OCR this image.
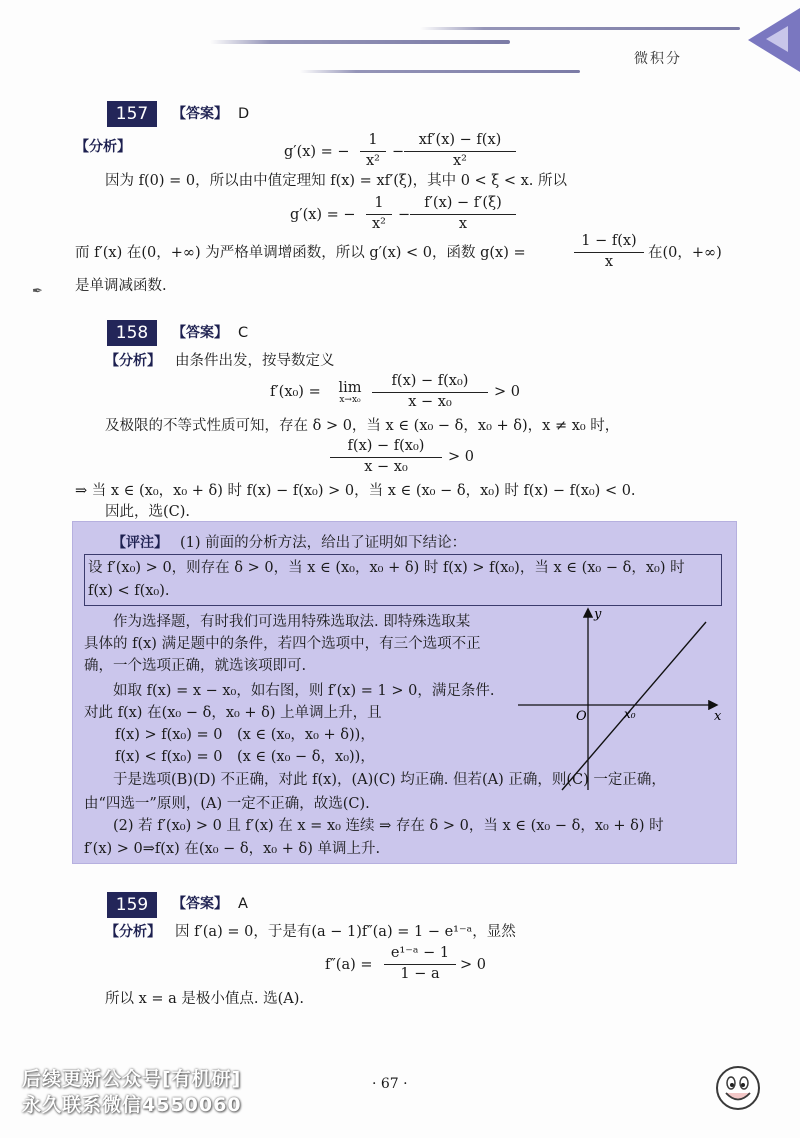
微积分
157	【答案】 D
【分析】	g′(x) = −
1
x²
−
xf′(x) − f(x)
x²
因为 f(0) = 0，所以由中值定理知 f(x) = xf′(ξ)，其中 0 < ξ < x. 所以
g′(x) = −
1
x²
−
f′(x) − f′(ξ)
x
而 f′(x) 在(0，+∞) 为严格单调增函数，所以 g′(x) < 0，函数 g(x) =
1 − f(x)
x
在(0，+∞)
✒ 是单调减函数.
158	【答案】 C
【分析】 由条件出发，按导数定义
f′(x₀) =	lim
x→x₀
f(x) − f(x₀)
x − x₀
> 0
及极限的不等式性质可知，存在 δ > 0，当 x ∈ (x₀ − δ，x₀ + δ)，x ≠ x₀ 时，
f(x) − f(x₀)
x − x₀
> 0
⇒ 当 x ∈ (x₀，x₀ + δ) 时 f(x) − f(x₀) > 0，当 x ∈ (x₀ − δ，x₀) 时 f(x) − f(x₀) < 0.
因此，选(C).
【评注】 (1) 前面的分析方法，给出了证明如下结论：
设 f′(x₀) > 0，则存在 δ > 0，当 x ∈ (x₀，x₀ + δ) 时 f(x) > f(x₀)，当 x ∈ (x₀ − δ，x₀) 时
f(x) < f(x₀).
作为选择题，有时我们可选用特殊选取法. 即特殊选取某
具体的 f(x) 满足题中的条件，若四个选项中，有三个选项不正
确，一个选项正确，就选该项即可.
如取 f(x) = x − x₀，如右图，则 f′(x) = 1 > 0，满足条件.
对此 f(x) 在(x₀ − δ，x₀ + δ) 上单调上升，且
f(x) > f(x₀) = 0　(x ∈ (x₀，x₀ + δ))，
f(x) < f(x₀) = 0　(x ∈ (x₀ − δ，x₀))，
于是选项(B)(D) 不正确，对此 f(x)，(A)(C) 均正确. 但若(A) 正确，则(C) 一定正确，
由“四选一”原则，(A) 一定不正确，故选(C).
(2) 若 f′(x₀) > 0 且 f′(x) 在 x = x₀ 连续 ⇒ 存在 δ > 0，当 x ∈ (x₀ − δ，x₀ + δ) 时
f′(x) > 0⇒f(x) 在(x₀ − δ，x₀ + δ) 单调上升.
y
x
O	x₀
159	【答案】 A
【分析】 因 f′(a) = 0，于是有(a − 1)f″(a) = 1 − e¹⁻ᵃ，显然
f″(a) =
e¹⁻ᵃ − 1
1 − a
> 0
所以 x = a 是极小值点. 选(A).
· 67 ·
后续更新公众号[有机研]
永久联系微信4550060
